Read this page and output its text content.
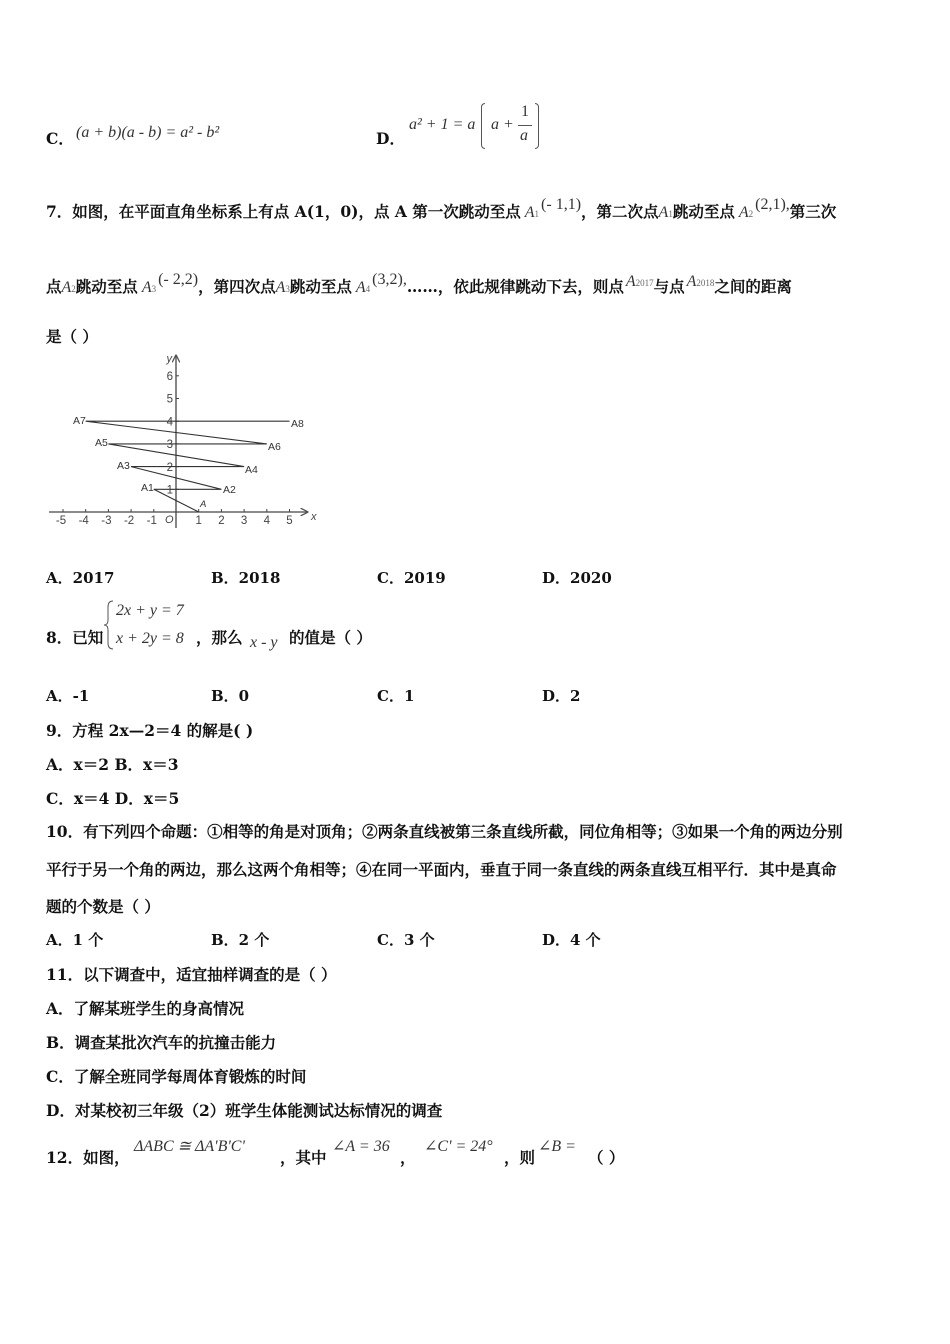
C． (a + b)(a - b) = a² - b²	D．
a² + 1 = a a +
1
a
7．如图，在平面直角坐标系上有点 A(1，0)，点 A 第一次跳动至点 A1(- 1,1)，第二次点A1跳动至点 A2(2,1),第三次
点A2跳动至点 A3(- 2,2)，第四次点A3跳动至点 A4(3,2),……，依此规律跳动下去，则点 A2017与点 A2018之间的距离
是（ ）
y
x
O
-5 -4 -3 -2 -1	1 2 3 4 5
1
2
3
4
5
6
A
A1	A2
A3	A4
A5	A6
A7	A8
A．2017	B．2018	C．2019	D．2020
8．已知
2x + y = 7
x + 2y = 8 ，那么 x - y 的值是（ ）
A．-1	B．0	C．1	D．2
9．方程 2x—2＝4 的解是( )
A．x＝2 B．x＝3
C．x＝4 D．x＝5
10．有下列四个命题：①相等的角是对顶角；②两条直线被第三条直线所截，同位角相等；③如果一个角的两边分别
平行于另一个角的两边，那么这两个角相等；④在同一平面内，垂直于同一条直线的两条直线互相平行．其中是真命
题的个数是（ ）
A．1 个	B．2 个	C．3 个	D．4 个
11．以下调查中，适宜抽样调查的是（ ）
A．了解某班学生的身高情况
B．调查某批次汽车的抗撞击能力
C．了解全班同学每周体育锻炼的时间
D．对某校初三年级（2）班学生体能测试达标情况的调查
12．如图，
ΔABC ≅ ΔA'B'C'
，其中
∠A = 36
，
∠C' = 24°
，则
∠B =
（ ）
